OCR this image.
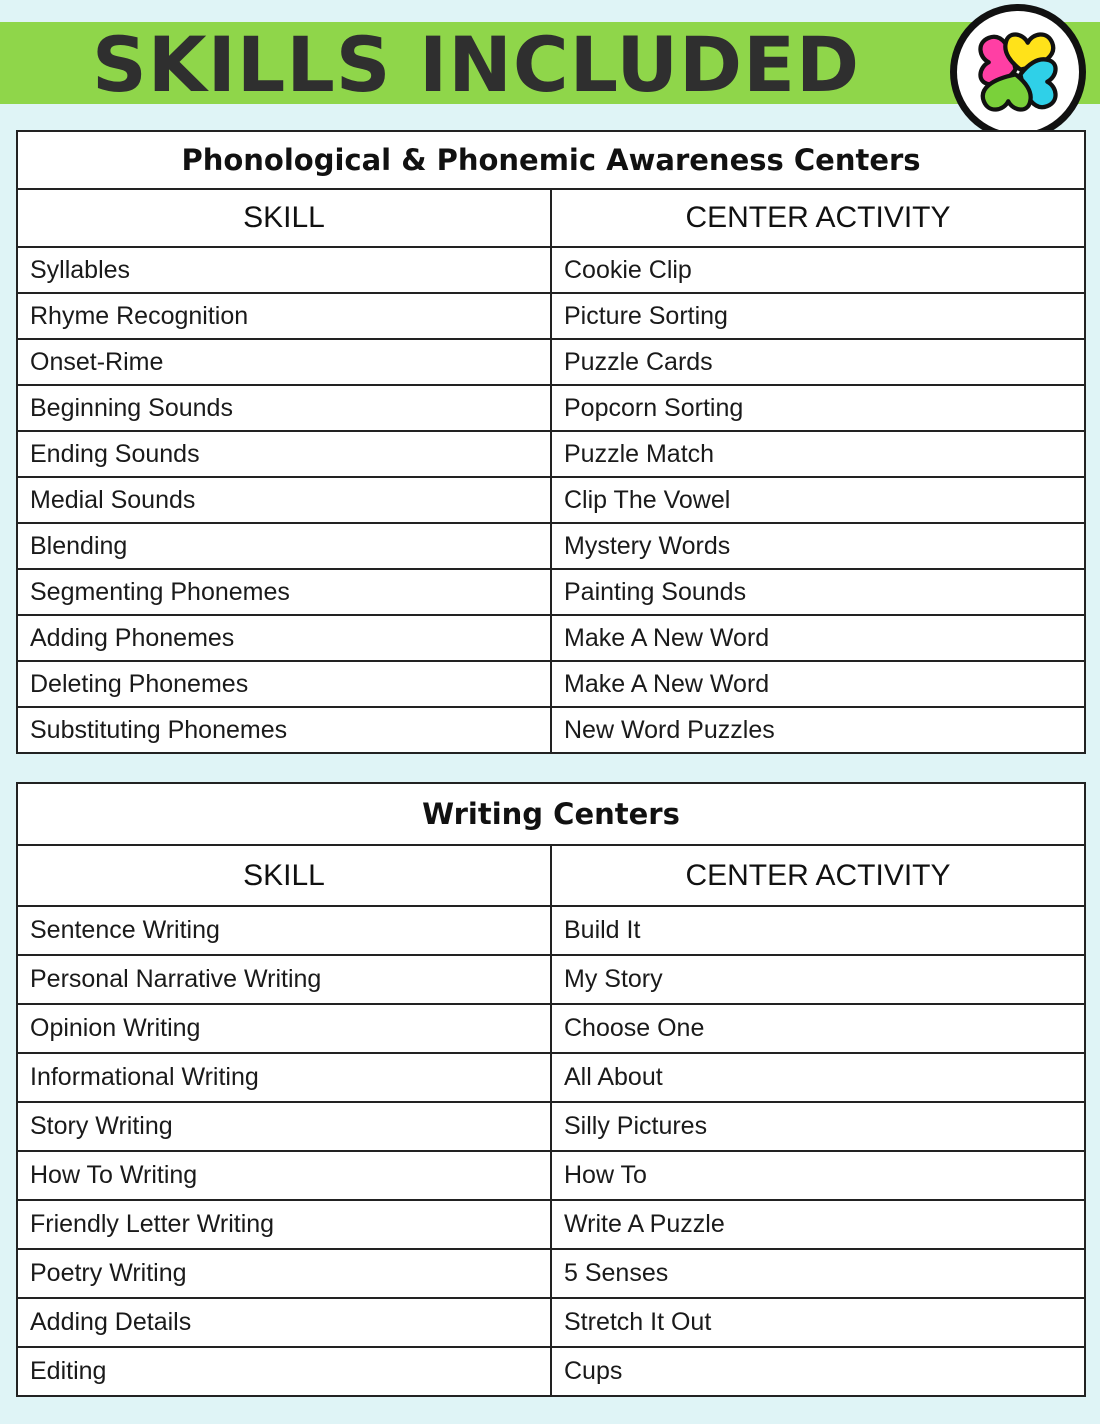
SKILLS INCLUDED
Phonological & Phonemic Awareness Centers	
SKILL	CENTER ACTIVITY
Syllables	Cookie Clip
Rhyme Recognition	Picture Sorting
Onset-Rime	Puzzle Cards
Beginning Sounds	Popcorn Sorting
Ending Sounds	Puzzle Match
Medial Sounds	Clip The Vowel
Blending	Mystery Words
Segmenting Phonemes	Painting Sounds
Adding Phonemes	Make A New Word
Deleting Phonemes	Make A New Word
Substituting Phonemes	New Word Puzzles
Writing Centers	
SKILL	CENTER ACTIVITY
Sentence Writing	Build It
Personal Narrative Writing	My Story
Opinion Writing	Choose One
Informational Writing	All About
Story Writing	Silly Pictures
How To Writing	How To
Friendly Letter Writing	Write A Puzzle
Poetry Writing	5 Senses
Adding Details	Stretch It Out
Editing	Cups
